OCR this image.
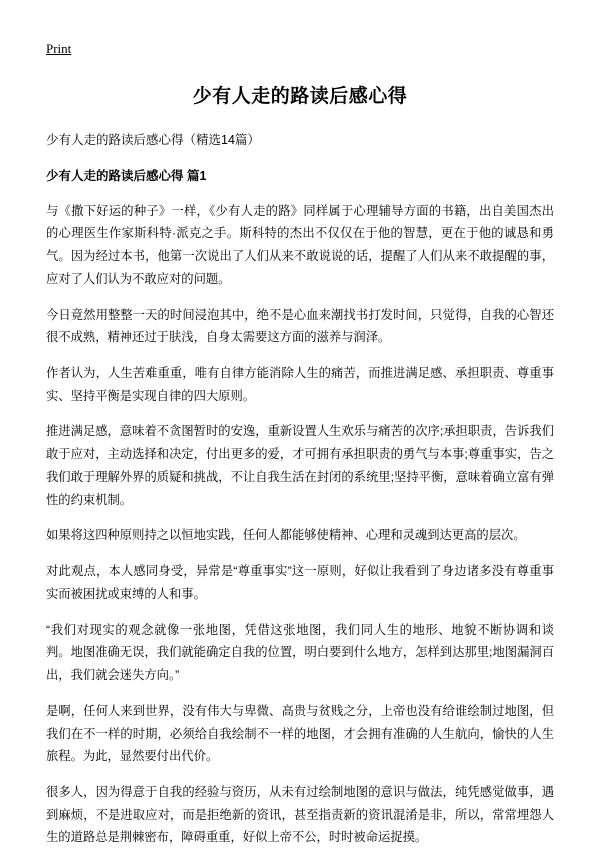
Print
少有人走的路读后感心得

少有人走的路读后感心得（精选14篇）

少有人走的路读后感心得 篇1

与《撒下好运的种子》一样，《少有人走的路》同样属于心理辅导方面的书籍，出自美国杰出的心理医生作家斯科特·派克之手。斯科特的杰出不仅仅在于他的智慧，更在于他的诚恳和勇气。因为经过本书，他第一次说出了人们从来不敢说说的话，提醒了人们从来不敢提醒的事，应对了人们认为不敢应对的问题。

今日竟然用整整一天的时间浸泡其中，绝不是心血来潮找书打发时间，只觉得，自我的心智还很不成熟，精神还过于肤浅，自身太需要这方面的滋养与润泽。

作者认为，人生苦难重重，唯有自律方能消除人生的痛苦，而推进满足感、承担职责、尊重事实、坚持平衡是实现自律的四大原则。

推进满足感，意味着不贪图暂时的安逸，重新设置人生欢乐与痛苦的次序;承担职责，告诉我们敢于应对，主动选择和决定，付出更多的爱，才可拥有承担职责的勇气与本事;尊重事实，告之我们敢于理解外界的质疑和挑战，不让自我生活在封闭的系统里;坚持平衡，意味着确立富有弹性的约束机制。

如果将这四种原则持之以恒地实践，任何人都能够使精神、心理和灵魂到达更高的层次。

对此观点，本人感同身受，异常是“尊重事实”这一原则，好似让我看到了身边诸多没有尊重事实而被困扰或束缚的人和事。

“我们对现实的观念就像一张地图，凭借这张地图，我们同人生的地形、地貌不断协调和谈判。地图准确无误，我们就能确定自我的位置，明白要到什么地方，怎样到达那里;地图漏洞百出，我们就会迷失方向。”

是啊，任何人来到世界，没有伟大与卑微、高贵与贫贱之分，上帝也没有给谁绘制过地图，但我们在不一样的时期，必须给自我绘制不一样的地图，才会拥有准确的人生航向，愉快的人生旅程。为此，显然要付出代价。

很多人，因为得意于自我的经验与资历，从未有过绘制地图的意识与做法，纯凭感觉做事，遇到麻烦，不是进取应对，而是拒绝新的资讯，甚至指责新的资讯混淆是非，所以，常常埋怨人生的道路总是荆棘密布，障碍重重，好似上帝不公，时时被命运捉摸。
